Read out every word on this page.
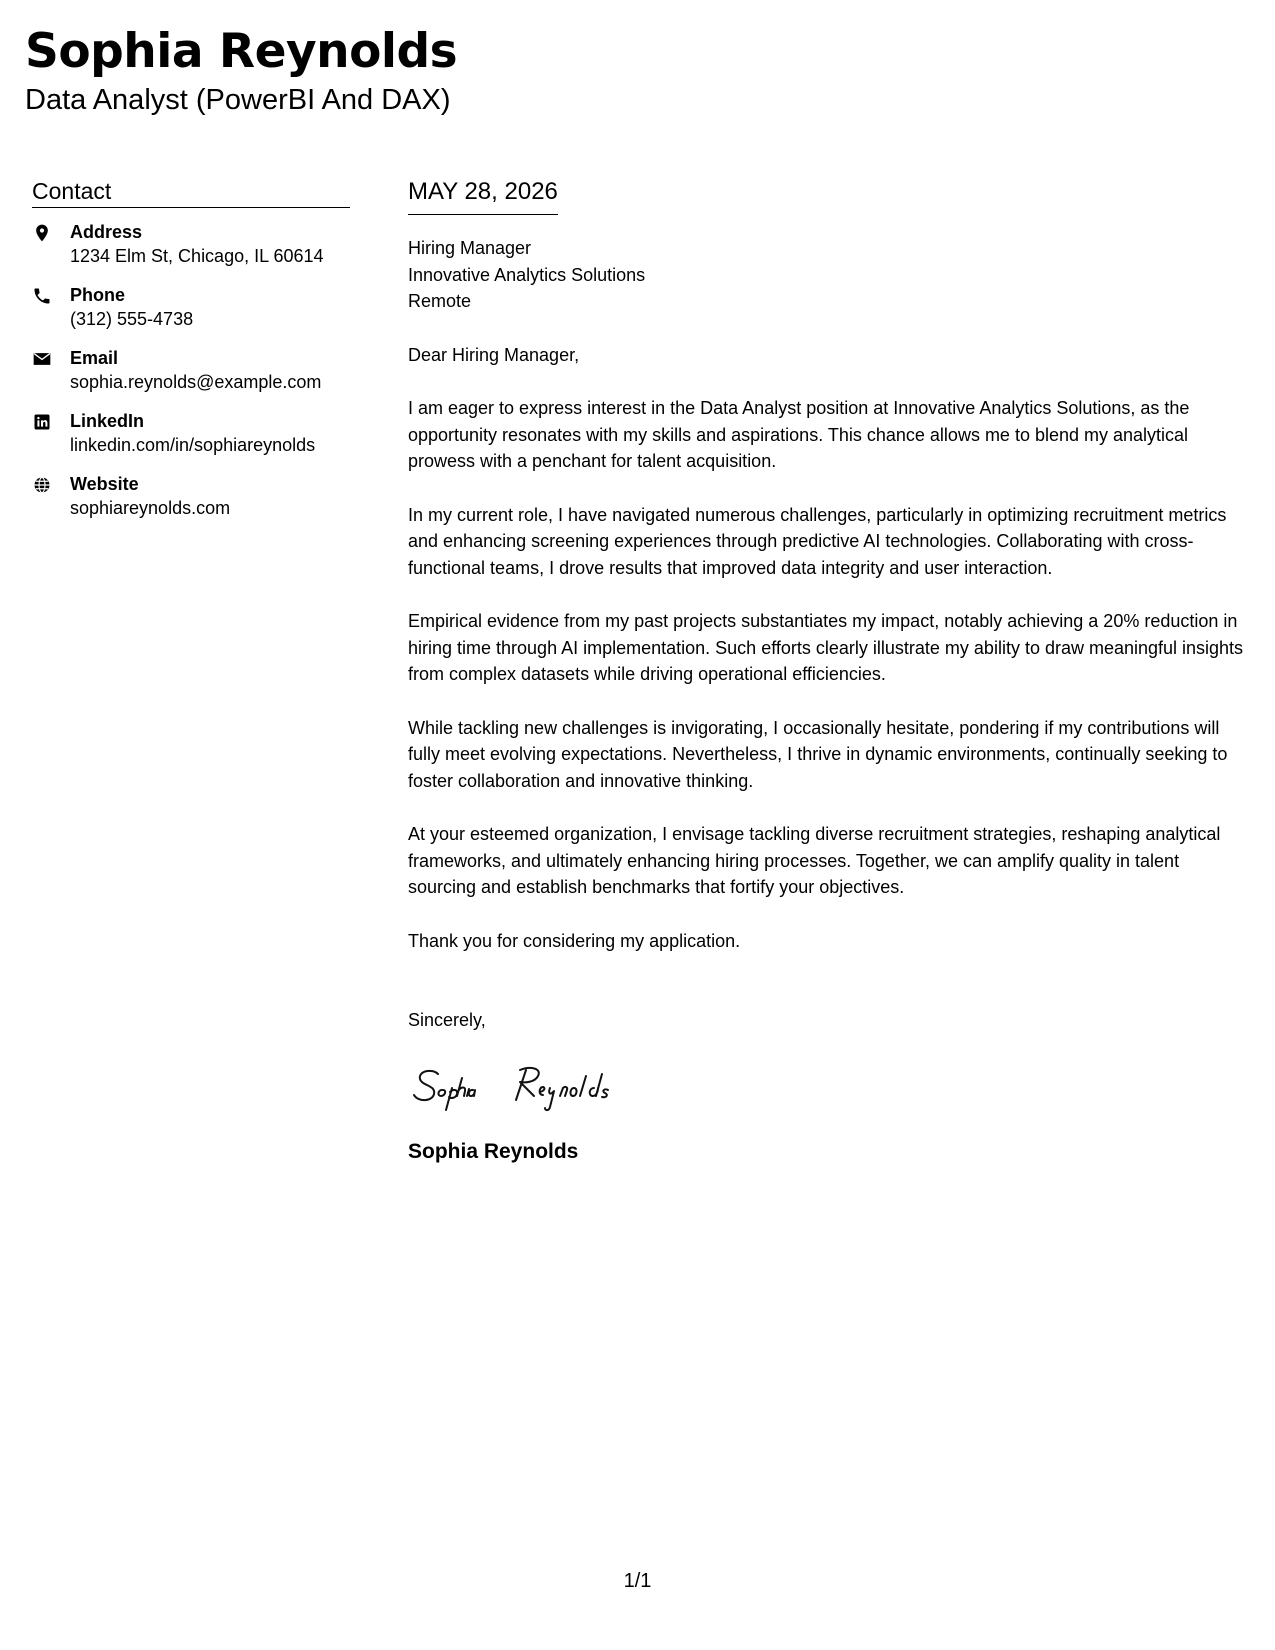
Sophia Reynolds
Data Analyst (PowerBI And DAX)
Contact
Address
1234 Elm St, Chicago, IL 60614
Phone
(312) 555-4738
Email
sophia.reynolds@example.com
LinkedIn
linkedin.com/in/sophiareynolds
Website
sophiareynolds.com
MAY 28, 2026
Hiring Manager
Innovative Analytics Solutions
Remote
Dear Hiring Manager,

I am eager to express interest in the Data Analyst position at Innovative Analytics Solutions, as the opportunity resonates with my skills and aspirations. This chance allows me to blend my analytical prowess with a penchant for talent acquisition.

In my current role, I have navigated numerous challenges, particularly in optimizing recruitment metrics and enhancing screening experiences through predictive AI technologies. Collaborating with cross-functional teams, I drove results that improved data integrity and user interaction.

Empirical evidence from my past projects substantiates my impact, notably achieving a 20% reduction in hiring time through AI implementation. Such efforts clearly illustrate my ability to draw meaningful insights from complex datasets while driving operational efficiencies.

While tackling new challenges is invigorating, I occasionally hesitate, pondering if my contributions will fully meet evolving expectations. Nevertheless, I thrive in dynamic environments, continually seeking to foster collaboration and innovative thinking.

At your esteemed organization, I envisage tackling diverse recruitment strategies, reshaping analytical frameworks, and ultimately enhancing hiring processes. Together, we can amplify quality in talent sourcing and establish benchmarks that fortify your objectives.

Thank you for considering my application.

Sincerely,
Sophia Reynolds
1/1
